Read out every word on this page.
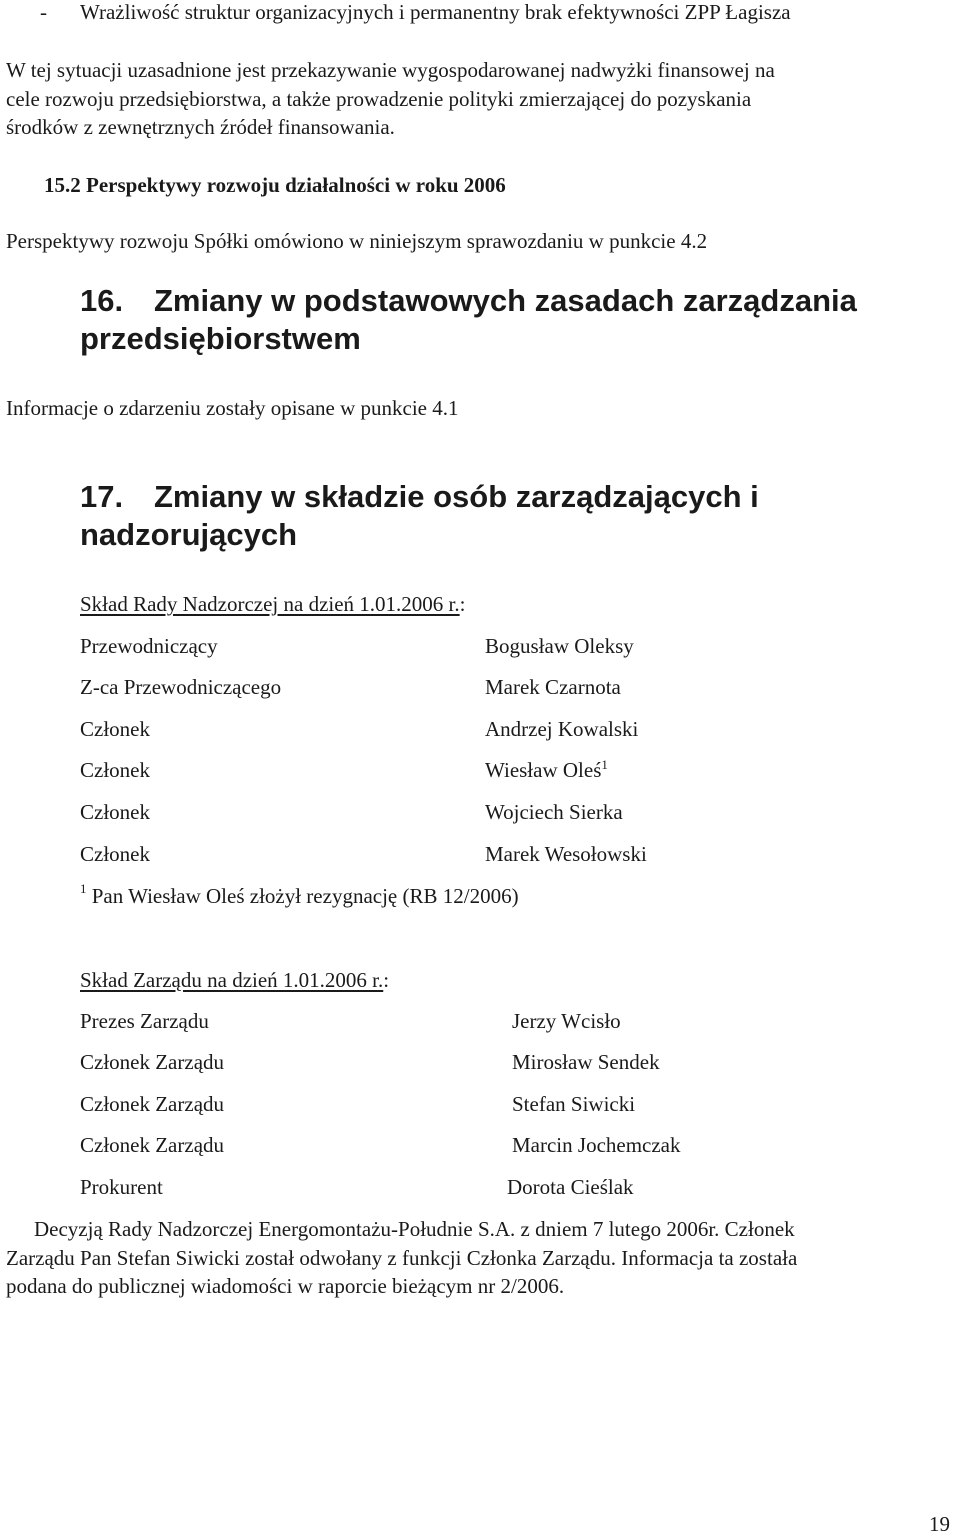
- Wrażliwość struktur organizacyjnych i permanentny brak efektywności ZPP Łagisza
W tej sytuacji uzasadnione jest przekazywanie wygospodarowanej nadwyżki finansowej na
cele rozwoju przedsiębiorstwa, a także prowadzenie polityki zmierzającej do pozyskania
środków z zewnętrznych źródeł finansowania.
15.2 Perspektywy rozwoju działalności w roku 2006
Perspektywy rozwoju Spółki omówiono w niniejszym sprawozdaniu w punkcie 4.2
16. Zmiany w podstawowych zasadach zarządzania
przedsiębiorstwem
Informacje o zdarzeniu zostały opisane w punkcie 4.1
17. Zmiany w składzie osób zarządzających i
nadzorujących
Skład Rady Nadzorczej na dzień 1.01.2006 r.:
Przewodniczący	Bogusław Oleksy
Z-ca Przewodniczącego	Marek Czarnota
Członek	Andrzej Kowalski
Członek	Wiesław Oleś$^1$
Członek	Wojciech Sierka
Członek	Marek Wesołowski
$^1$ Pan Wiesław Oleś złożył rezygnację (RB 12/2006)
Skład Zarządu na dzień 1.01.2006 r.:
Prezes Zarządu	Jerzy Wcisło
Członek Zarządu	Mirosław Sendek
Członek Zarządu	Stefan Siwicki
Członek Zarządu	Marcin Jochemczak
Prokurent	Dorota Cieślak
Decyzją Rady Nadzorczej Energomontażu-Południe S.A. z dniem 7 lutego 2006r. Członek
Zarządu Pan Stefan Siwicki został odwołany z funkcji Członka Zarządu. Informacja ta została
podana do publicznej wiadomości w raporcie bieżącym nr 2/2006.
19
